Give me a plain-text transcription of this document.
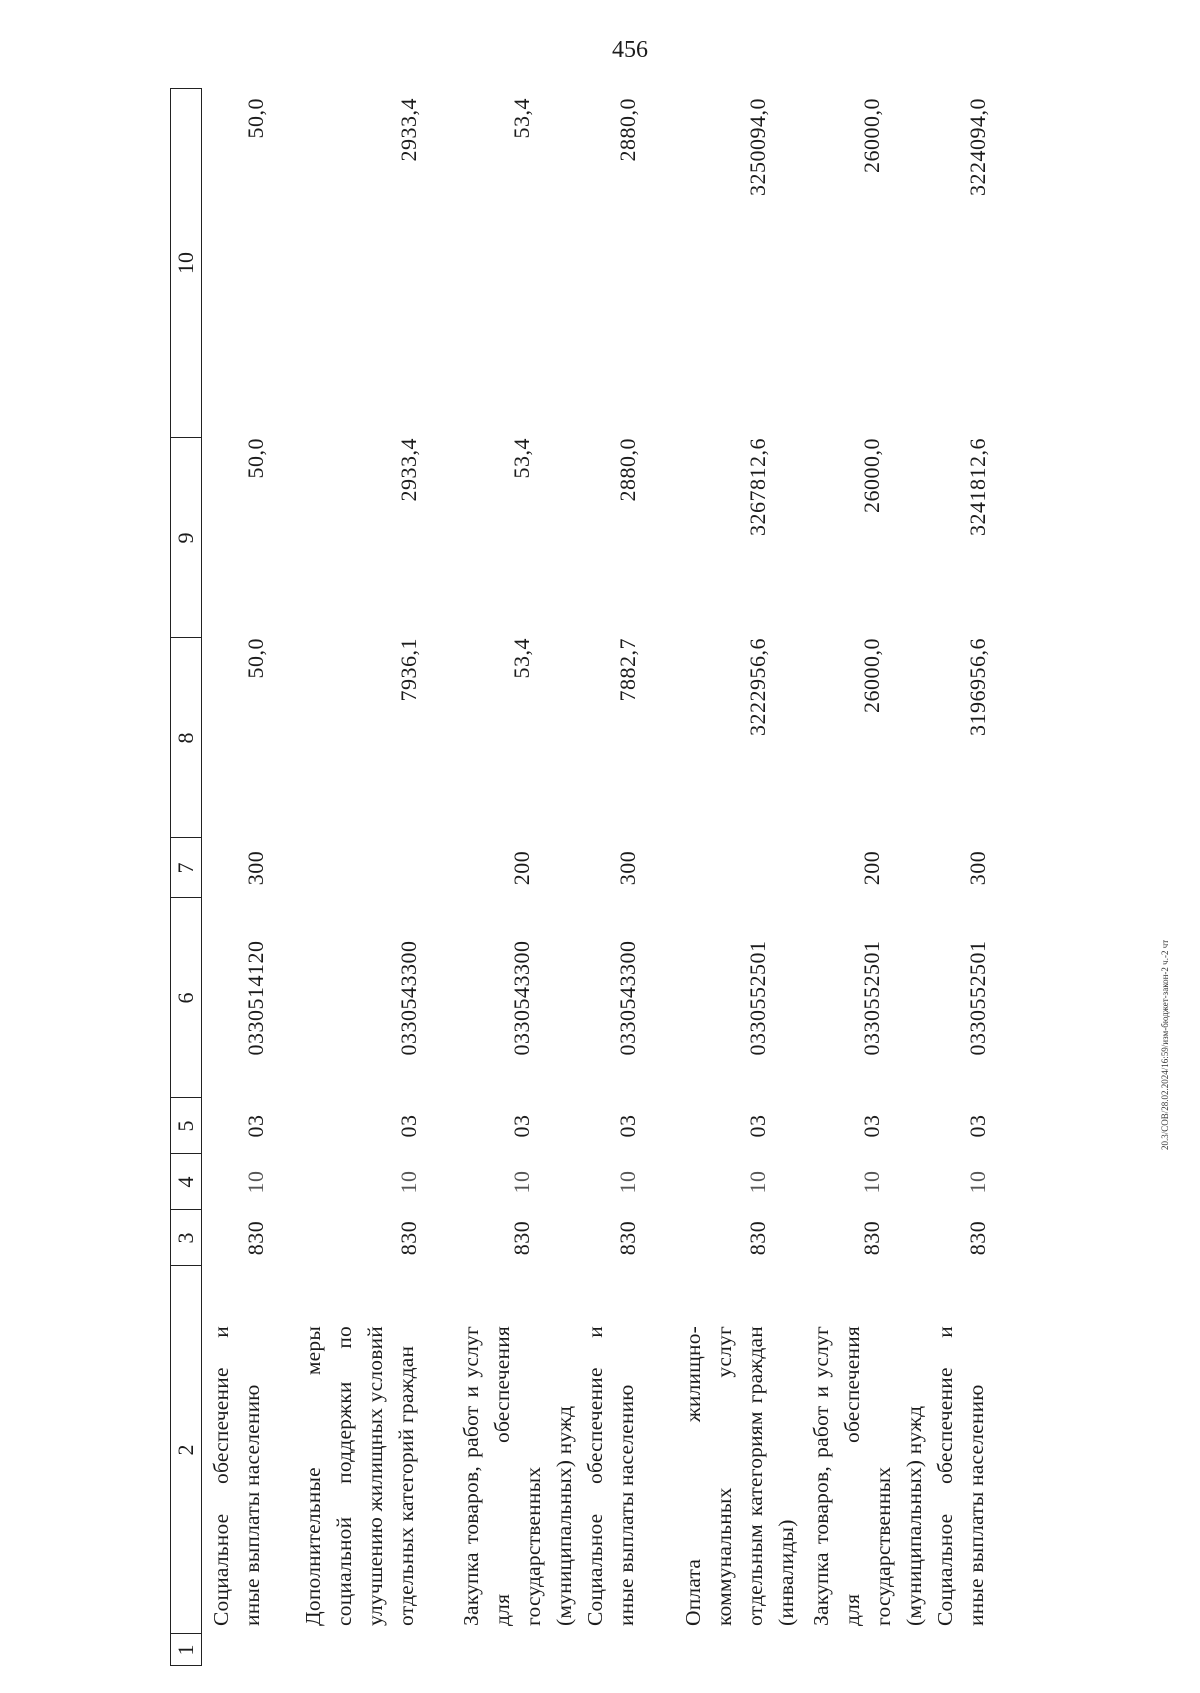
456
20.3/СОВ/28.02.2024/16:59/изм-бюджет-закон-2 ч.-2 чт
1
2
3
4
5
6
7
8
9
10
Социальное обеспечение и иные выплаты населению
830
10
03
0330514120
300
50,0
50,0
50,0
Дополнительные меры социальной поддержки по улучшению жилищных условий отдельных категорий граждан
830
10
03
0330543300
7936,1
2933,4
2933,4
Закупка товаров, работ и услуг для обеспечения государственных (муниципальных) нужд
830
10
03
0330543300
200
53,4
53,4
53,4
Социальное обеспечение и иные выплаты населению
830
10
03
0330543300
300
7882,7
2880,0
2880,0
Оплата жилищно-коммунальных услуг отдельным категориям граждан (инвалиды)
830
10
03
0330552501
3222956,6
3267812,6
3250094,0
Закупка товаров, работ и услуг для обеспечения государственных (муниципальных) нужд
830
10
03
0330552501
200
26000,0
26000,0
26000,0
Социальное обеспечение и иные выплаты населению
830
10
03
0330552501
300
3196956,6
3241812,6
3224094,0
